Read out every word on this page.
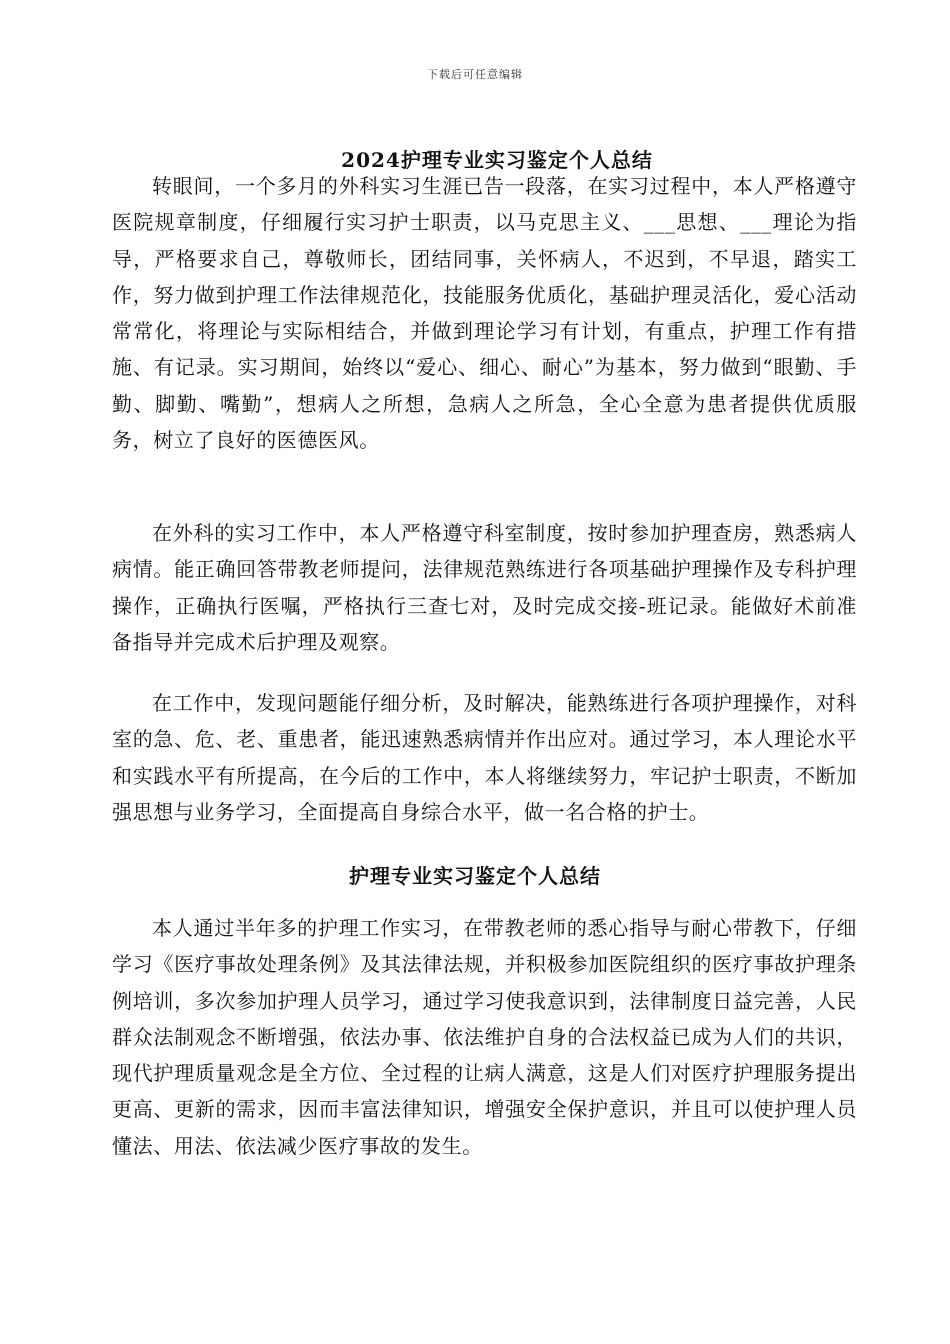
下载后可任意编辑
2024护理专业实习鉴定个人总结

转眼间，一个多月的外科实习生涯已告一段落，在实习过程中，本人严格遵守医院规章制度，仔细履行实习护士职责，以马克思主义、___思想、___理论为指导，严格要求自己，尊敬师长，团结同事，关怀病人，不迟到，不早退，踏实工作，努力做到护理工作法律规范化，技能服务优质化，基础护理灵活化，爱心活动常常化，将理论与实际相结合，并做到理论学习有计划，有重点，护理工作有措施、有记录。实习期间，始终以“爱心、细心、耐心”为基本，努力做到“眼勤、手勤、脚勤、嘴勤”，想病人之所想，急病人之所急，全心全意为患者提供优质服务，树立了良好的医德医风。

在外科的实习工作中，本人严格遵守科室制度，按时参加护理查房，熟悉病人病情。能正确回答带教老师提问，法律规范熟练进行各项基础护理操作及专科护理操作，正确执行医嘱，严格执行三查七对，及时完成交接-班记录。能做好术前准备指导并完成术后护理及观察。

在工作中，发现问题能仔细分析，及时解决，能熟练进行各项护理操作，对科室的急、危、老、重患者，能迅速熟悉病情并作出应对。通过学习，本人理论水平和实践水平有所提高，在今后的工作中，本人将继续努力，牢记护士职责，不断加强思想与业务学习，全面提高自身综合水平，做一名合格的护士。

护理专业实习鉴定个人总结

本人通过半年多的护理工作实习，在带教老师的悉心指导与耐心带教下，仔细学习《医疗事故处理条例》及其法律法规，并积极参加医院组织的医疗事故护理条例培训，多次参加护理人员学习，通过学习使我意识到，法律制度日益完善，人民群众法制观念不断增强，依法办事、依法维护自身的合法权益已成为人们的共识，现代护理质量观念是全方位、全过程的让病人满意，这是人们对医疗护理服务提出更高、更新的需求，因而丰富法律知识，增强安全保护意识，并且可以使护理人员懂法、用法、依法减少医疗事故的发生。
